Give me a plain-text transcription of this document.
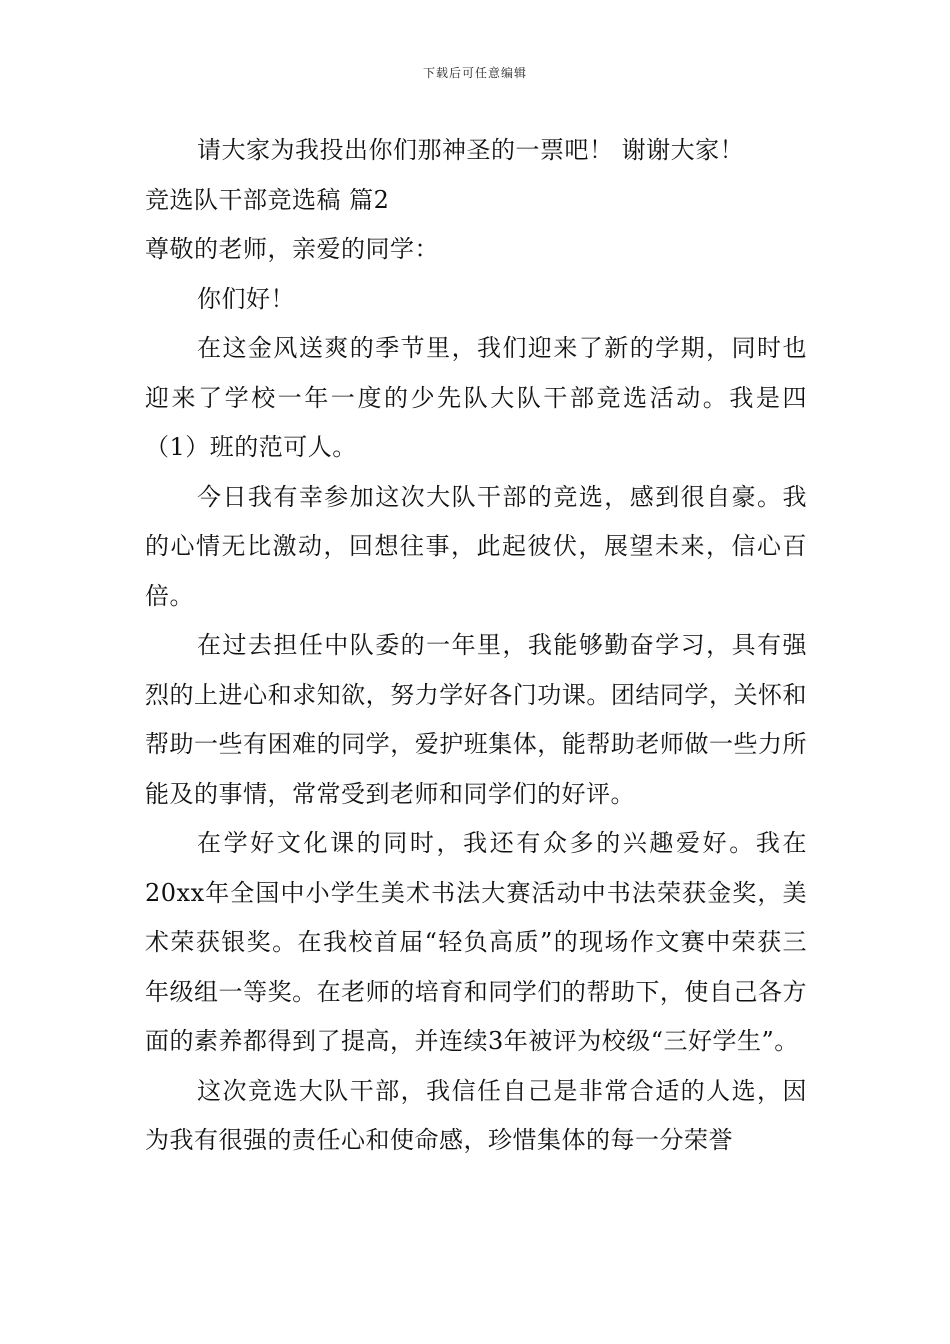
下载后可任意编辑

请大家为我投出你们那神圣的一票吧！ 谢谢大家！

竞选队干部竞选稿 篇2

尊敬的老师，亲爱的同学：

你们好！

在这金风送爽的季节里，我们迎来了新的学期，同时也迎来了学校一年一度的少先队大队干部竞选活动。我是四（1）班的范可人。

今日我有幸参加这次大队干部的竞选，感到很自豪。我的心情无比激动，回想往事，此起彼伏，展望未来，信心百倍。

在过去担任中队委的一年里，我能够勤奋学习，具有强烈的上进心和求知欲，努力学好各门功课。团结同学，关怀和帮助一些有困难的同学，爱护班集体，能帮助老师做一些力所能及的事情，常常受到老师和同学们的好评。

在学好文化课的同时，我还有众多的兴趣爱好。我在20xx年全国中小学生美术书法大赛活动中书法荣获金奖，美术荣获银奖。在我校首届“轻负高质”的现场作文赛中荣获三年级组一等奖。在老师的培育和同学们的帮助下，使自己各方面的素养都得到了提高，并连续3年被评为校级“三好学生”。

这次竞选大队干部，我信任自己是非常合适的人选，因为我有很强的责任心和使命感，珍惜集体的每一分荣誉
